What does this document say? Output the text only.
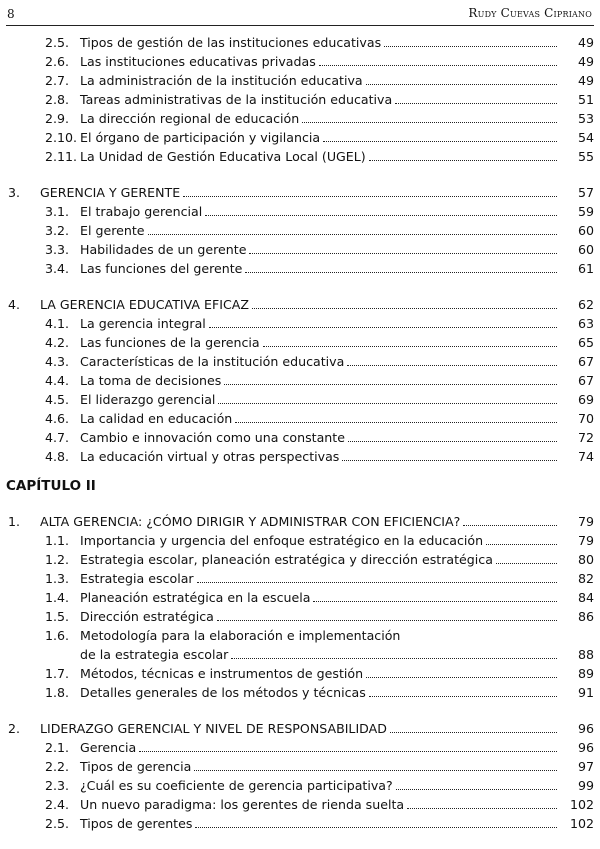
8	Rudy Cuevas Cipriano
2.5. Tipos de gestión de las instituciones educativas	49
2.6. Las instituciones educativas privadas	49
2.7. La administración de la institución educativa	49
2.8. Tareas administrativas de la institución educativa	51
2.9. La dirección regional de educación	53
2.10. El órgano de participación y vigilancia	54
2.11. La Unidad de Gestión Educativa Local (UGEL)	55
3. GERENCIA Y GERENTE	57
3.1. El trabajo gerencial	59
3.2. El gerente	60
3.3. Habilidades de un gerente	60
3.4. Las funciones del gerente	61
4. LA GERENCIA EDUCATIVA EFICAZ	62
4.1. La gerencia integral	63
4.2. Las funciones de la gerencia	65
4.3. Características de la institución educativa	67
4.4. La toma de decisiones	67
4.5. El liderazgo gerencial	69
4.6. La calidad en educación	70
4.7. Cambio e innovación como una constante	72
4.8. La educación virtual y otras perspectivas	74
CAPÍTULO II
1. ALTA GERENCIA: ¿CÓMO DIRIGIR Y ADMINISTRAR CON EFICIENCIA?	79
1.1. Importancia y urgencia del enfoque estratégico en la educación	79
1.2. Estrategia escolar, planeación estratégica y dirección estratégica	80
1.3. Estrategia escolar	82
1.4. Planeación estratégica en la escuela	84
1.5. Dirección estratégica	86
1.6. Metodología para la elaboración e implementación
de la estrategia escolar	88
1.7. Métodos, técnicas e instrumentos de gestión	89
1.8. Detalles generales de los métodos y técnicas	91
2. LIDERAZGO GERENCIAL Y NIVEL DE RESPONSABILIDAD	96
2.1. Gerencia	96
2.2. Tipos de gerencia	97
2.3. ¿Cuál es su coeficiente de gerencia participativa?	99
2.4. Un nuevo paradigma: los gerentes de rienda suelta	102
2.5. Tipos de gerentes	102
